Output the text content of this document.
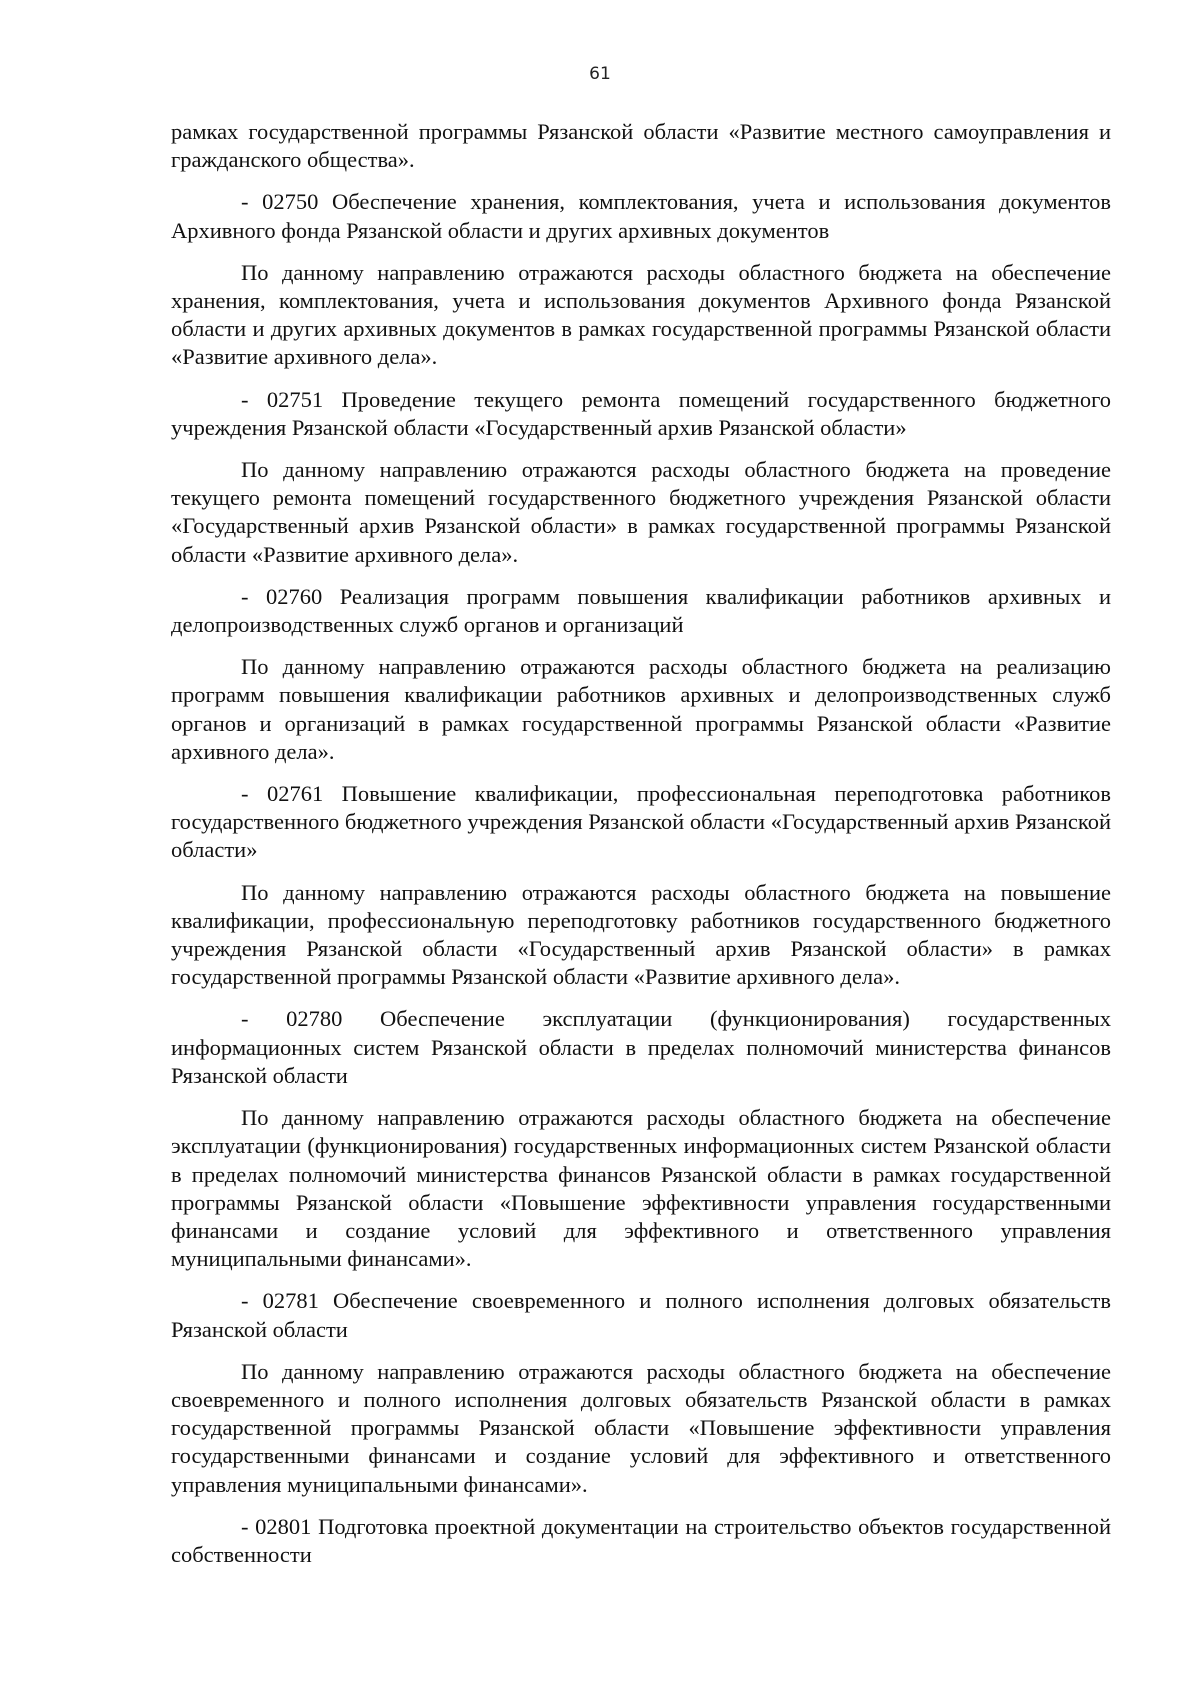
61

рамках государственной программы Рязанской области «Развитие местного самоуправления и гражданского общества».

- 02750 Обеспечение хранения, комплектования, учета и использования документов Архивного фонда Рязанской области и других архивных документов

По данному направлению отражаются расходы областного бюджета на обеспечение хранения, комплектования, учета и использования документов Архивного фонда Рязанской области и других архивных документов в рамках государственной программы Рязанской области «Развитие архивного дела».

- 02751 Проведение текущего ремонта помещений государственного бюджетного учреждения Рязанской области «Государственный архив Рязанской области»

По данному направлению отражаются расходы областного бюджета на проведение текущего ремонта помещений государственного бюджетного учреждения Рязанской области «Государственный архив Рязанской области» в рамках государственной программы Рязанской области «Развитие архивного дела».

- 02760 Реализация программ повышения квалификации работников архивных и делопроизводственных служб органов и организаций

По данному направлению отражаются расходы областного бюджета на реализацию программ повышения квалификации работников архивных и делопроизводственных служб органов и организаций в рамках государственной программы Рязанской области «Развитие архивного дела».

- 02761 Повышение квалификации, профессиональная переподготовка работников государственного бюджетного учреждения Рязанской области «Государственный архив Рязанской области»

По данному направлению отражаются расходы областного бюджета на повышение квалификации, профессиональную переподготовку работников государственного бюджетного учреждения Рязанской области «Государственный архив Рязанской области» в рамках государственной программы Рязанской области «Развитие архивного дела».

- 02780 Обеспечение эксплуатации (функционирования) государственных информационных систем Рязанской области в пределах полномочий министерства финансов Рязанской области

По данному направлению отражаются расходы областного бюджета на обеспечение эксплуатации (функционирования) государственных информационных систем Рязанской области в пределах полномочий министерства финансов Рязанской области в рамках государственной программы Рязанской области «Повышение эффективности управления государственными финансами и создание условий для эффективного и ответственного управления муниципальными финансами».

- 02781 Обеспечение своевременного и полного исполнения долговых обязательств Рязанской области

По данному направлению отражаются расходы областного бюджета на обеспечение своевременного и полного исполнения долговых обязательств Рязанской области в рамках государственной программы Рязанской области «Повышение эффективности управления государственными финансами и создание условий для эффективного и ответственного управления муниципальными финансами».

- 02801 Подготовка проектной документации на строительство объектов государственной собственности
